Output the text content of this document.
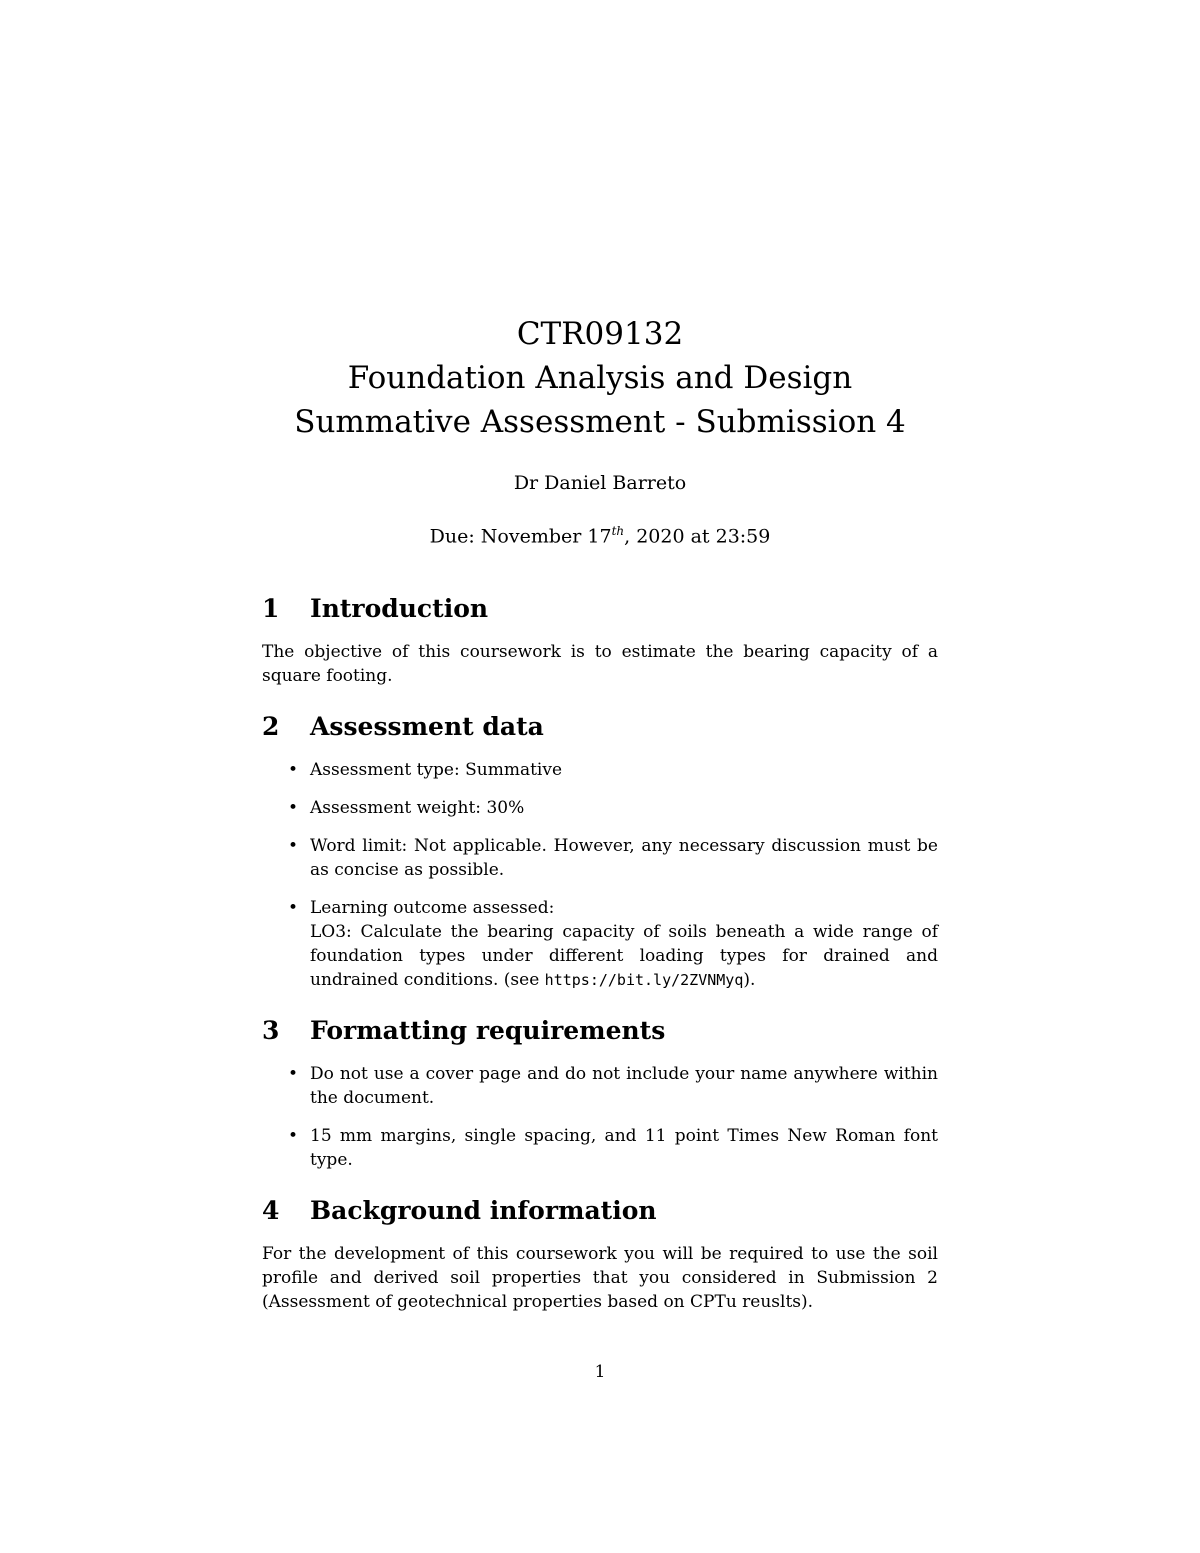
CTR09132
Foundation Analysis and Design
Summative Assessment - Submission 4
Dr Daniel Barreto
Due: November 17th, 2020 at 23:59
1 Introduction

The objective of this coursework is to estimate the bearing capacity of a square footing.

2 Assessment data
• Assessment type: Summative
• Assessment weight: 30%
• Word limit: Not applicable. However, any necessary discussion must be as concise as possible.
• Learning outcome assessed:
LO3: Calculate the bearing capacity of soils beneath a wide range of foundation types under different loading types for drained and undrained conditions. (see https://bit.ly/2ZVNMyq).
3 Formatting requirements
• Do not use a cover page and do not include your name anywhere within the document.
• 15 mm margins, single spacing, and 11 point Times New Roman font type.
4 Background information

For the development of this coursework you will be required to use the soil profile and derived soil properties that you considered in Submission 2 (Assessment of geotechnical properties based on CPTu reuslts).

1
